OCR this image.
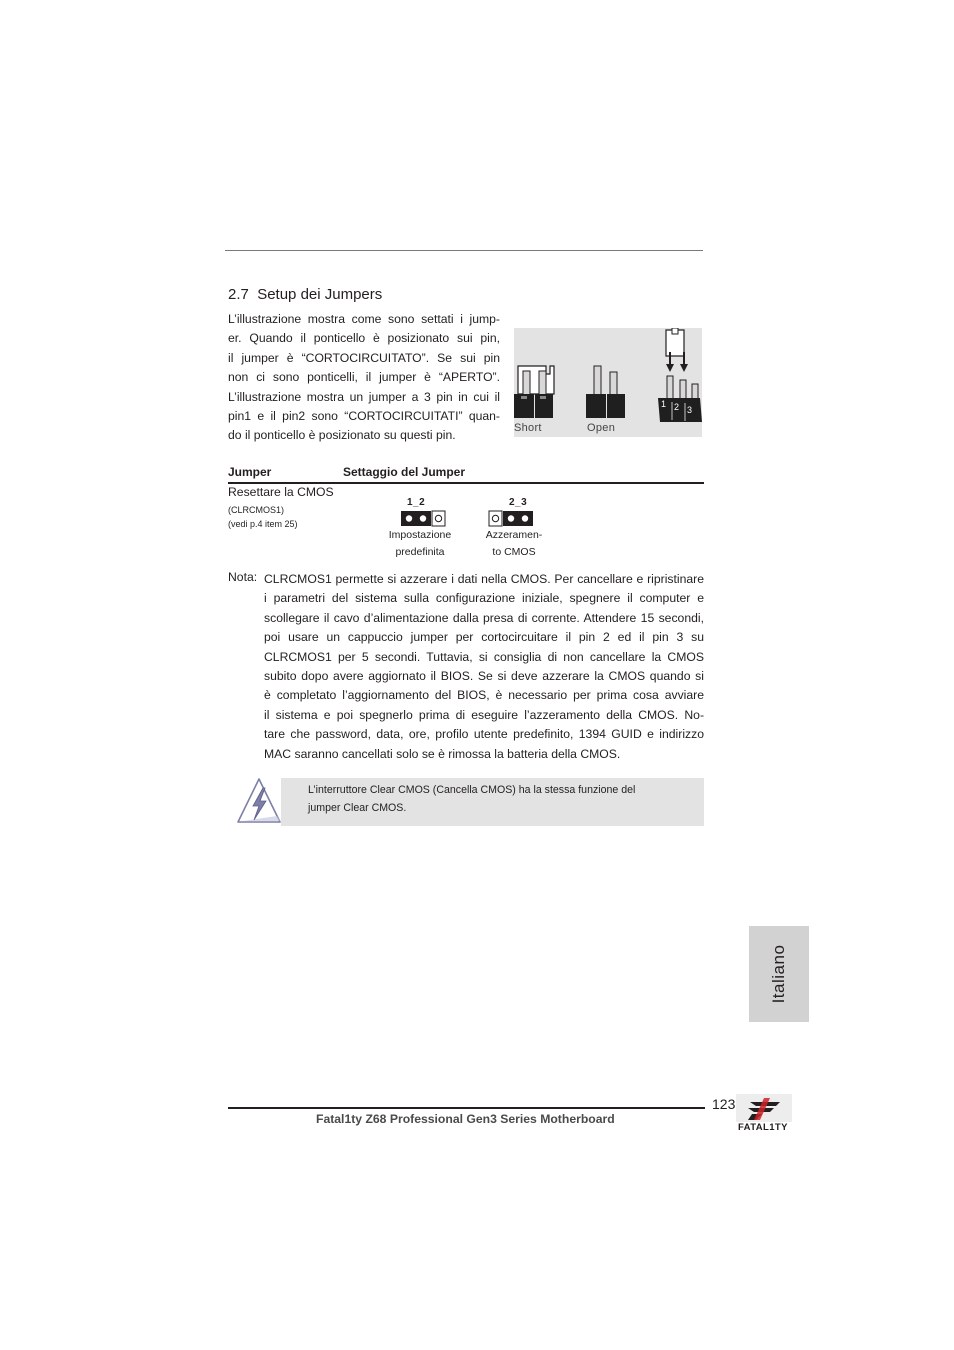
2.7 Setup dei Jumpers
L’illustrazione mostra come sono settati i jump-
er. Quando il ponticello è posizionato sui pin,
il jumper è “CORTOCIRCUITATO”. Se sui pin
non ci sono ponticelli, il jumper è “APERTO”.
L’illustrazione mostra un jumper a 3 pin in cui il
pin1 e il pin2 sono “CORTOCIRCUITATI” quan-
do il ponticello è posizionato su questi pin.
Short	Open
1 2 3
Jumper	Settaggio del Jumper
Resettare la CMOS
(CLRCMOS1)
(vedi p.4 item 25)
1_2
Impostazione
predefinita
2_3
Azzeramen-
to CMOS
Nota: CLRCMOS1 permette si azzerare i dati nella CMOS. Per cancellare e ripristinare
i parametri del sistema sulla configurazione iniziale, spegnere il computer e
scollegare il cavo d’alimentazione dalla presa di corrente. Attendere 15 secondi,
poi usare un cappuccio jumper per cortocircuitare il pin 2 ed il pin 3 su
CLRCMOS1 per 5 secondi. Tuttavia, si consiglia di non cancellare la CMOS
subito dopo avere aggiornato il BIOS. Se si deve azzerare la CMOS quando si
è completato l’aggiornamento del BIOS, è necessario per prima cosa avviare
il sistema e poi spegnerlo prima di eseguire l’azzeramento della CMOS. No-
tare che password, data, ore, profilo utente predefinito, 1394 GUID e indirizzo
MAC saranno cancellati solo se è rimossa la batteria della CMOS.
L’interruttore Clear CMOS (Cancella CMOS) ha la stessa funzione del
jumper Clear CMOS.
Italiano
123
Fatal1ty Z68 Professional Gen3 Series Motherboard
FATAL1TY
